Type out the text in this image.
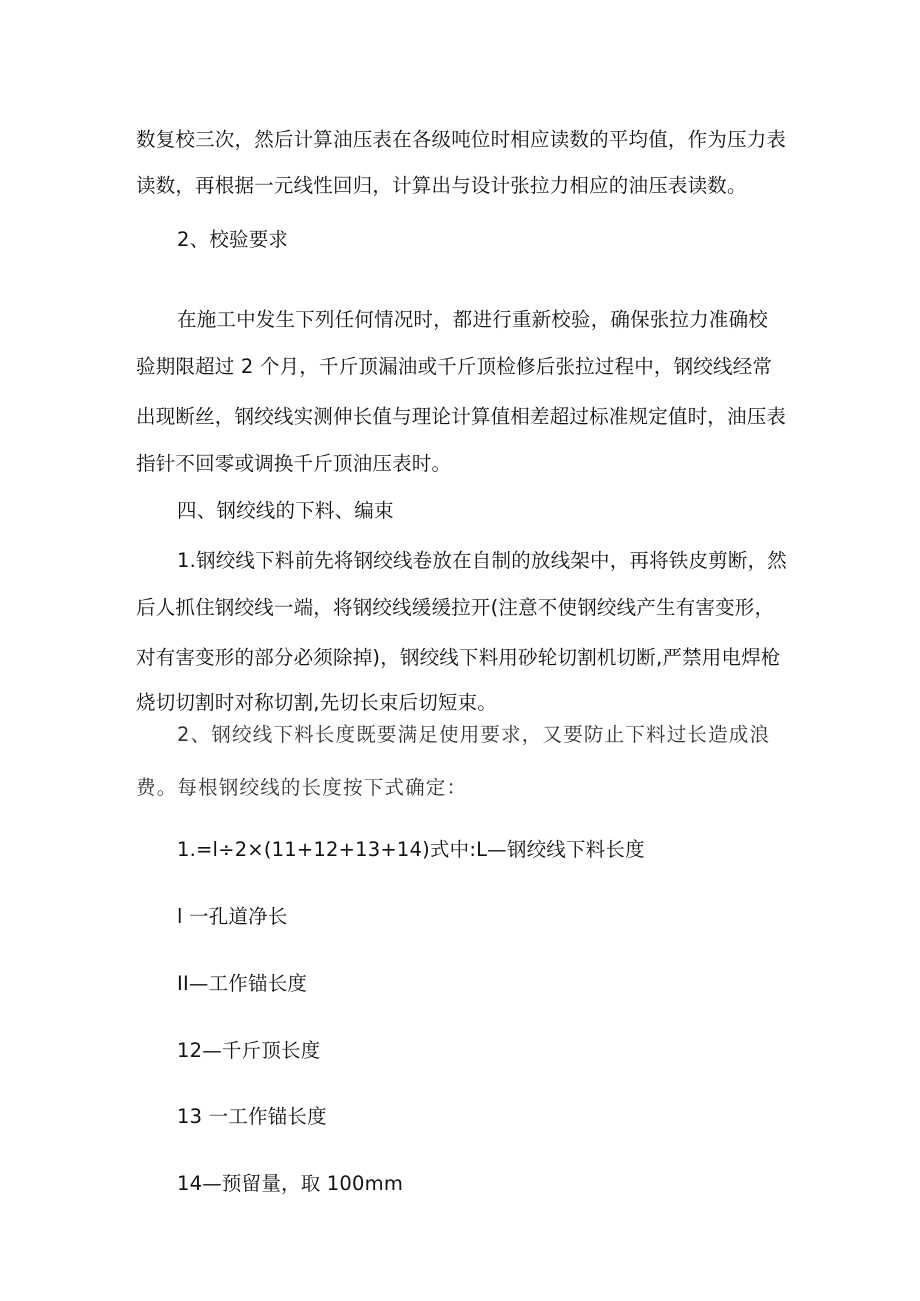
数复校三次，然后计算油压表在各级吨位时相应读数的平均值，作为压力表
读数，再根据一元线性回归，计算出与设计张拉力相应的油压表读数。
2、校验要求
在施工中发生下列任何情况时，都进行重新校验，确保张拉力准确校
验期限超过 2 个月，千斤顶漏油或千斤顶检修后张拉过程中，钢绞线经常
出现断丝，钢绞线实测伸长值与理论计算值相差超过标准规定值时，油压表
指针不回零或调换千斤顶油压表时。
四、钢绞线的下料、编束
1.钢绞线下料前先将钢绞线卷放在自制的放线架中，再将铁皮剪断，然
后人抓住钢绞线一端，将钢绞线缓缓拉开(注意不使钢绞线产生有害变形，
对有害变形的部分必须除掉)，钢绞线下料用砂轮切割机切断,严禁用电焊枪
烧切切割时对称切割,先切长束后切短束。
2、钢绞线下料长度既要满足使用要求，又要防止下料过长造成浪
费。每根钢绞线的长度按下式确定：
1.=l÷2×(11+12+13+14)式中:L—钢绞线下料长度
l 一孔道净长
II—工作锚长度
12—千斤顶长度
13 一工作锚长度
14—预留量，取 100mm
